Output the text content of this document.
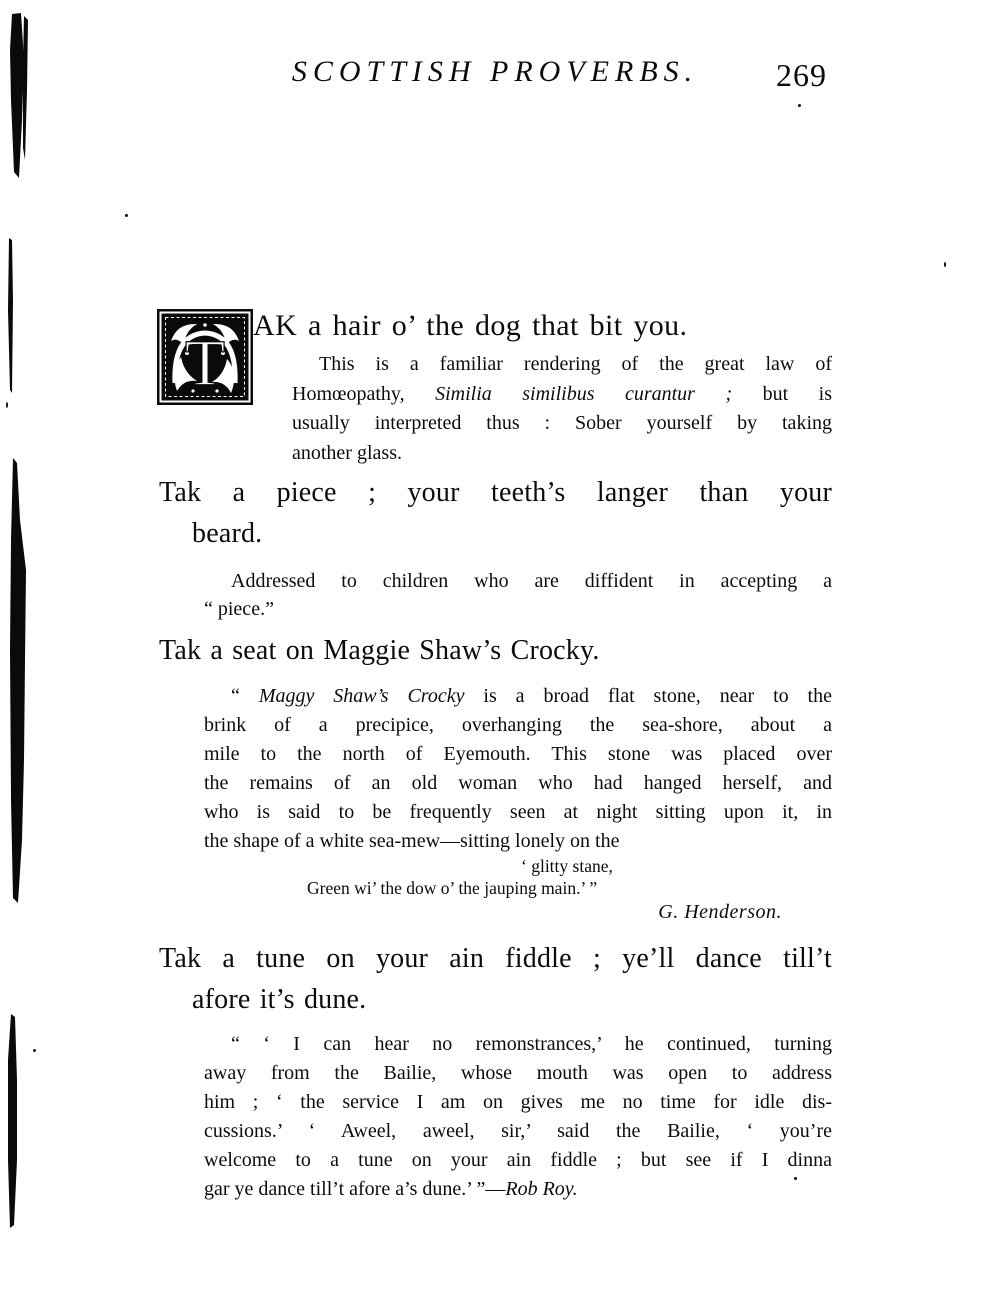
SCOTTISH PROVERBS.	269
T
AK a hair o’ the dog that bit you.
This is a familiar rendering of the great law of
Homœopathy, Similia similibus curantur ; but is
usually interpreted thus : Sober yourself by taking
another glass.
Tak a piece ; your teeth’s langer than your
beard.
Addressed to children who are diffident in accepting a
“ piece.”
Tak a seat on Maggie Shaw’s Crocky.
“ Maggy Shaw’s Crocky is a broad flat stone, near to the
brink of a precipice, overhanging the sea-shore, about a
mile to the north of Eyemouth. This stone was placed over
the remains of an old woman who had hanged herself, and
who is said to be frequently seen at night sitting upon it, in
the shape of a white sea-mew—sitting lonely on the
‘ glitty stane,
Green wi’ the dow o’ the jauping main.’ ”
G. Henderson.
Tak a tune on your ain fiddle ; ye’ll dance till’t
afore it’s dune.
“ ‘ I can hear no remonstrances,’ he continued, turning
away from the Bailie, whose mouth was open to address
him ; ‘ the service I am on gives me no time for idle dis-
cussions.’ ‘ Aweel, aweel, sir,’ said the Bailie, ‘ you’re
welcome to a tune on your ain fiddle ; but see if I dinna
gar ye dance till’t afore a’s dune.’ ”—Rob Roy.
